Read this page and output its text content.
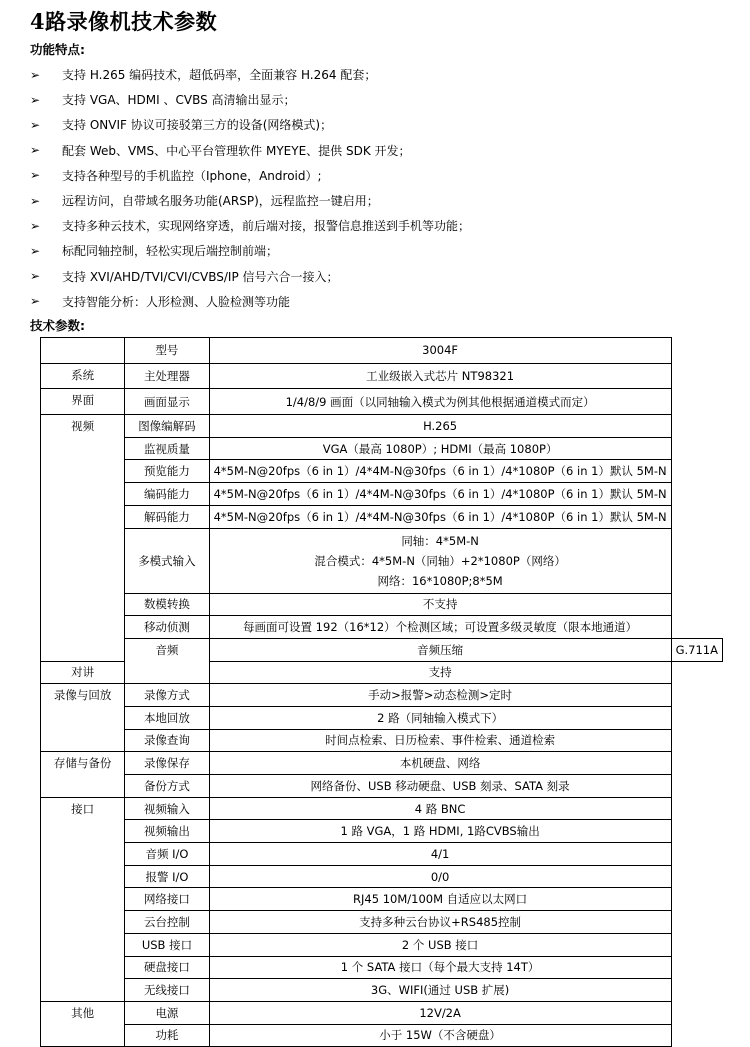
4路录像机技术参数
功能特点:
➢	支持 H.265 编码技术，超低码率，全面兼容 H.264 配套；
➢	支持 VGA、HDMI 、CVBS 高清输出显示；
➢	支持 ONVIF 协议可接驳第三方的设备(网络模式)；
➢	配套 Web、VMS、中心平台管理软件 MYEYE、提供 SDK 开发；
➢	支持各种型号的手机监控（Iphone，Android）;
➢	远程访问，自带域名服务功能(ARSP)，远程监控一键启用；
➢	支持多种云技术，实现网络穿透，前后端对接，报警信息推送到手机等功能；
➢	标配同轴控制，轻松实现后端控制前端；
➢	支持 XVI/AHD/TVI/CVI/CVBS/IP 信号六合一接入；
➢	支持智能分析：人形检测、人脸检测等功能
技术参数:
	型号	3004F	
系统	主处理器	工业级嵌入式芯片 NT98321	
界面	画面显示	1/4/8/9 画面（以同轴输入模式为例其他根据通道模式而定）	
视频	图像编解码	H.265	
	监视质量	VGA（最高 1080P）; HDMI（最高 1080P）	
	预览能力	4*5M-N@20fps（6 in 1）/4*4M-N@30fps（6 in 1）/4*1080P（6 in 1）默认 5M-N	
	编码能力	4*5M-N@20fps（6 in 1）/4*4M-N@30fps（6 in 1）/4*1080P（6 in 1）默认 5M-N	
	解码能力	4*5M-N@20fps（6 in 1）/4*4M-N@30fps（6 in 1）/4*1080P（6 in 1）默认 5M-N	
	多模式输入	同轴：4*5M-N
混合模式：4*5M-N（同轴）+2*1080P（网络）
网络：16*1080P;8*5M	

	数模转换	不支持	
	移动侦测	每画面可设置 192（16*12）个检测区域；可设置多级灵敏度（限本地通道）	
	音频	音频压缩	G.711A
对讲		支持	
录像与回放	录像方式	手动>报警>动态检测>定时	
	本地回放	2 路（同轴输入模式下）	
	录像查询	时间点检索、日历检索、事件检索、通道检索	
存储与备份	录像保存	本机硬盘、网络	
	备份方式	网络备份、USB 移动硬盘、USB 刻录、SATA 刻录	
接口	视频输入	4 路 BNC	
	视频输出	1 路 VGA，1 路 HDMI, 1路CVBS输出	
	音频 I/O	4/1	
	报警 I/O	0/0	
	网络接口	RJ45 10M/100M 自适应以太网口	
	云台控制	支持多种云台协议+RS485控制	
	USB 接口	2 个 USB 接口	
	硬盘接口	1 个 SATA 接口（每个最大支持 14T）	
	无线接口	3G、WIFI(通过 USB 扩展)	
其他	电源	12V/2A	
	功耗	小于 15W（不含硬盘）	
